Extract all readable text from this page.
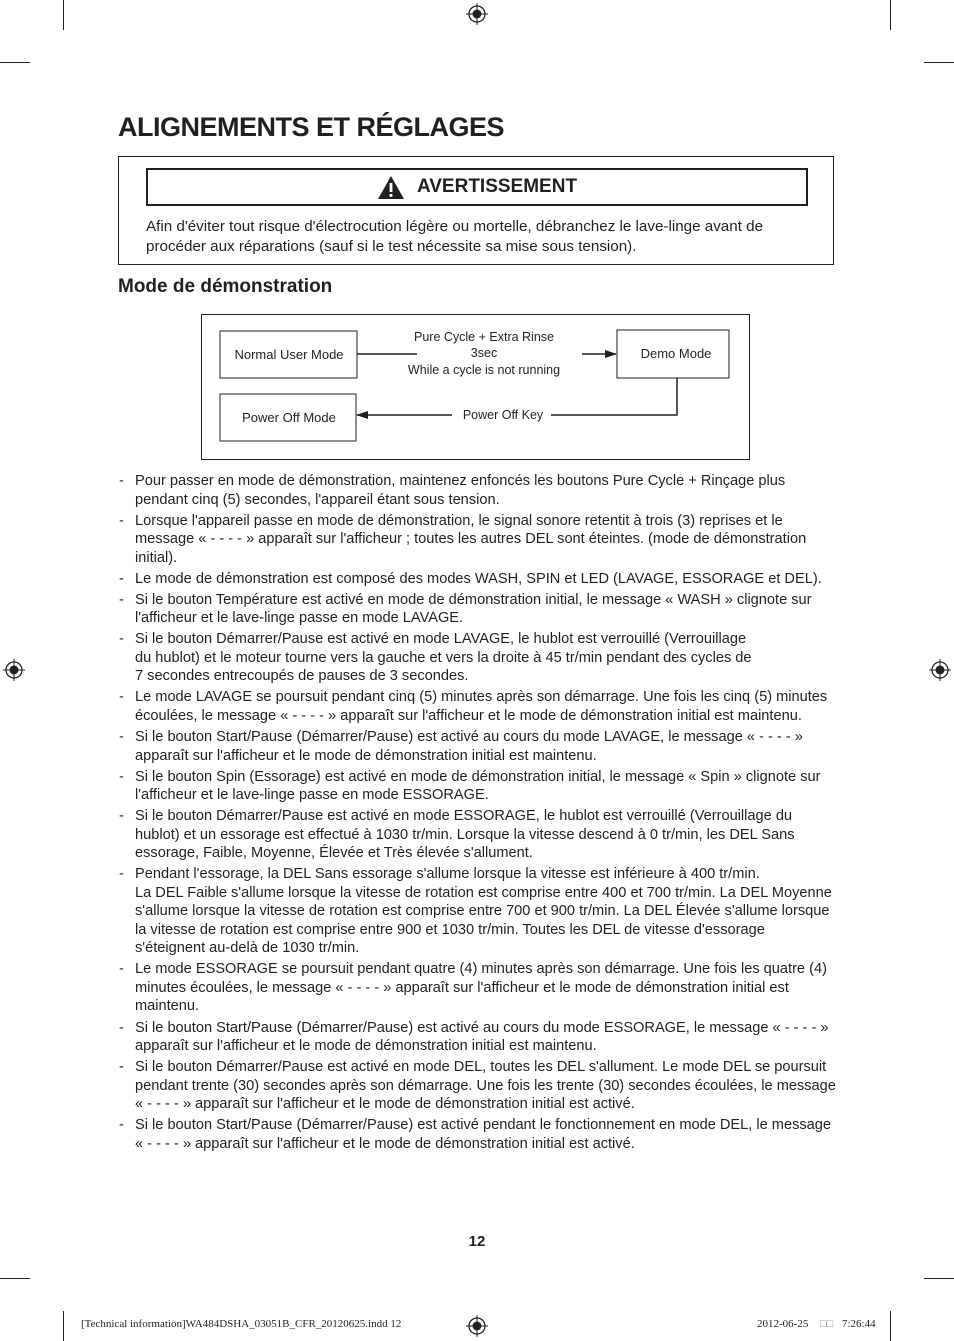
ALIGNEMENTS ET RÉGLAGES
AVERTISSEMENT

Afin d'éviter tout risque d'électrocution légère ou mortelle, débranchez le lave-linge avant de procéder aux réparations (sauf si le test nécessite sa mise sous tension).

Mode de démonstration
Normal User Mode	Demo Mode
Power Off Mode
Pure Cycle + Extra Rinse
3sec
While a cycle is not running
Power Off Key
- Pour passer en mode de démonstration, maintenez enfoncés les boutons Pure Cycle + Rinçage plus pendant cinq (5) secondes, l'appareil étant sous tension.
- Lorsque l'appareil passe en mode de démonstration, le signal sonore retentit à trois (3) reprises et le message « - - - - » apparaît sur l'afficheur ; toutes les autres DEL sont éteintes. (mode de démonstration initial).
- Le mode de démonstration est composé des modes WASH, SPIN et LED (LAVAGE, ESSORAGE et DEL).
- Si le bouton Température est activé en mode de démonstration initial, le message « WASH » clignote sur l'afficheur et le lave-linge passe en mode LAVAGE.
- Si le bouton Démarrer/Pause est activé en mode LAVAGE, le hublot est verrouillé (Verrouillage
du hublot) et le moteur tourne vers la gauche et vers la droite à 45 tr/min pendant des cycles de
7 secondes entrecoupés de pauses de 3 secondes.
- Le mode LAVAGE se poursuit pendant cinq (5) minutes après son démarrage. Une fois les cinq (5) minutes écoulées, le message « - - - - » apparaît sur l'afficheur et le mode de démonstration initial est maintenu.
- Si le bouton Start/Pause (Démarrer/Pause) est activé au cours du mode LAVAGE, le message « - - - - » apparaît sur l'afficheur et le mode de démonstration initial est maintenu.
- Si le bouton Spin (Essorage) est activé en mode de démonstration initial, le message « Spin » clignote sur l'afficheur et le lave-linge passe en mode ESSORAGE.
- Si le bouton Démarrer/Pause est activé en mode ESSORAGE, le hublot est verrouillé (Verrouillage du hublot) et un essorage est effectué à 1030 tr/min. Lorsque la vitesse descend à 0 tr/min, les DEL Sans essorage, Faible, Moyenne, Élevée et Très élevée s'allument.
- Pendant l'essorage, la DEL Sans essorage s'allume lorsque la vitesse est inférieure à 400 tr/min.
La DEL Faible s'allume lorsque la vitesse de rotation est comprise entre 400 et 700 tr/min. La DEL Moyenne s'allume lorsque la vitesse de rotation est comprise entre 700 et 900 tr/min. La DEL Élevée s'allume lorsque la vitesse de rotation est comprise entre 900 et 1030 tr/min. Toutes les DEL de vitesse d'essorage s'éteignent au-delà de 1030 tr/min.
- Le mode ESSORAGE se poursuit pendant quatre (4) minutes après son démarrage. Une fois les quatre (4) minutes écoulées, le message « - - - - » apparaît sur l'afficheur et le mode de démonstration initial est maintenu.
- Si le bouton Start/Pause (Démarrer/Pause) est activé au cours du mode ESSORAGE, le message « - - - - » apparaît sur l'afficheur et le mode de démonstration initial est maintenu.
- Si le bouton Démarrer/Pause est activé en mode DEL, toutes les DEL s'allument. Le mode DEL se poursuit pendant trente (30) secondes après son démarrage. Une fois les trente (30) secondes écoulées, le message « - - - - » apparaît sur l'afficheur et le mode de démonstration initial est activé.
- Si le bouton Start/Pause (Démarrer/Pause) est activé pendant le fonctionnement en mode DEL, le message « - - - - » apparaît sur l'afficheur et le mode de démonstration initial est activé.
12
[Technical information]WA484DSHA_03051B_CFR_20120625.indd 12	2012-06-25 □□ 7:26:44
